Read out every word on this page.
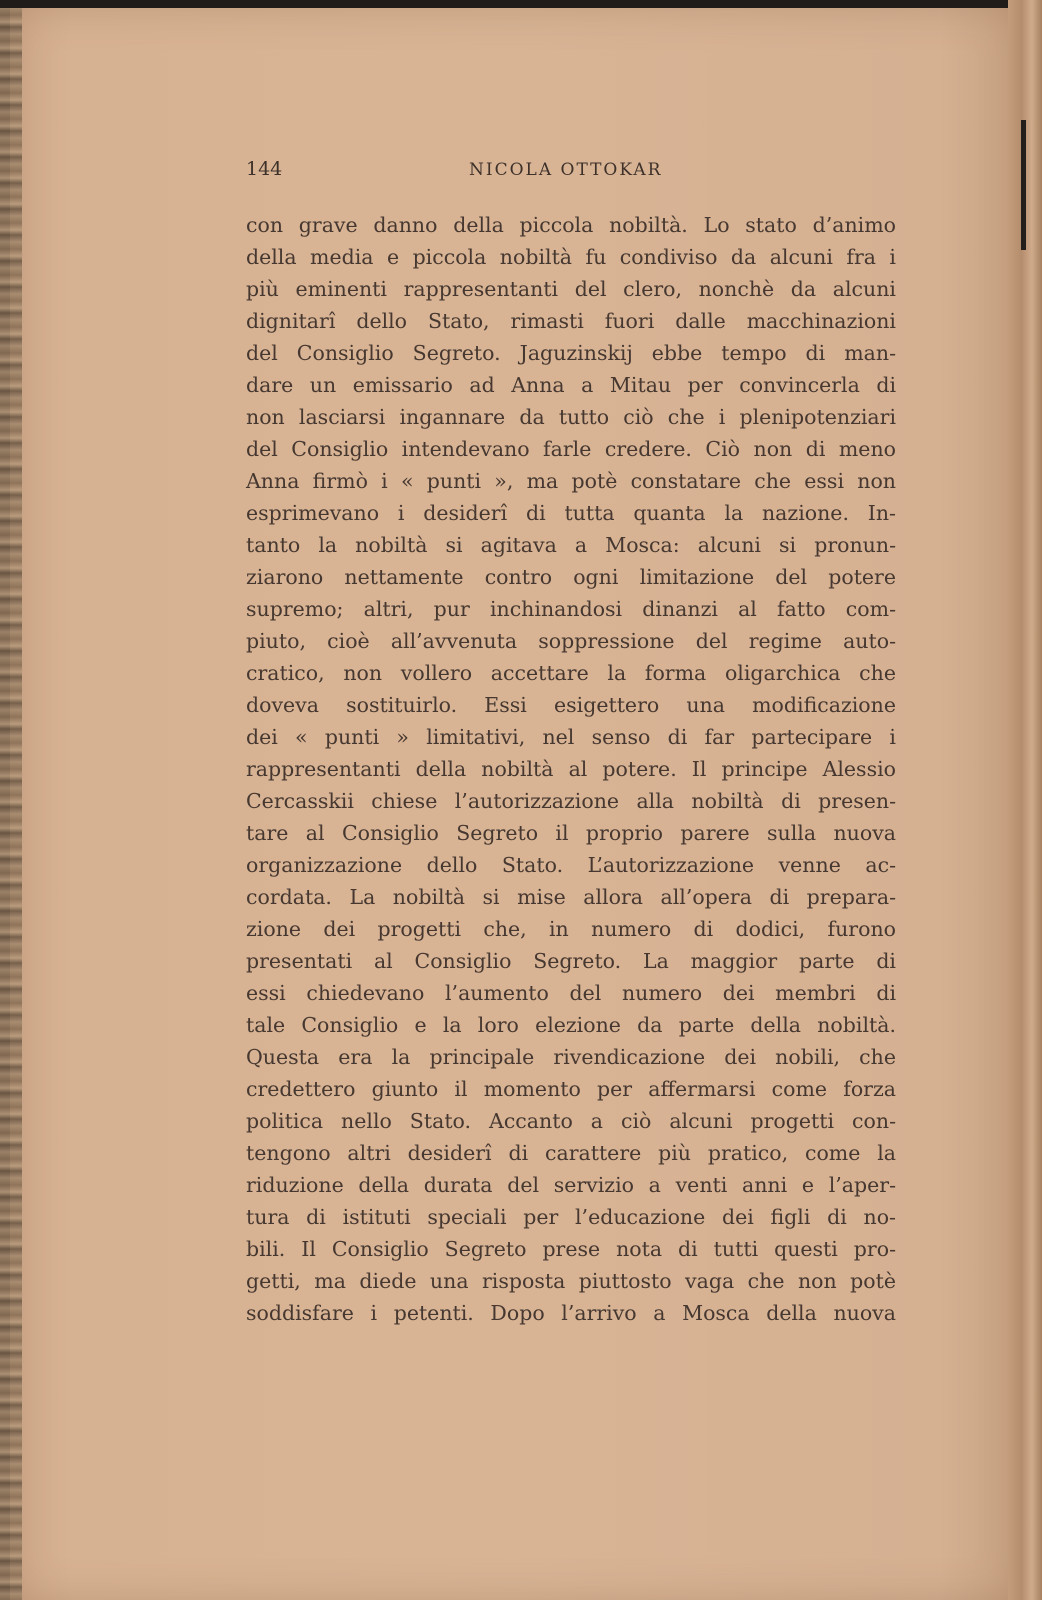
144	NICOLA OTTOKAR
con grave danno della piccola nobiltà. Lo stato d’animo
della media e piccola nobiltà fu condiviso da alcuni fra i
più eminenti rappresentanti del clero, nonchè da alcuni
dignitarî dello Stato, rimasti fuori dalle macchinazioni
del Consiglio Segreto. Jaguzinskij ebbe tempo di man-
dare un emissario ad Anna a Mitau per convincerla di
non lasciarsi ingannare da tutto ciò che i plenipotenziari
del Consiglio intendevano farle credere. Ciò non di meno
Anna firmò i « punti », ma potè constatare che essi non
esprimevano i desiderî di tutta quanta la nazione. In-
tanto la nobiltà si agitava a Mosca: alcuni si pronun-
ziarono nettamente contro ogni limitazione del potere
supremo; altri, pur inchinandosi dinanzi al fatto com-
piuto, cioè all’avvenuta soppressione del regime auto-
cratico, non vollero accettare la forma oligarchica che
doveva sostituirlo. Essi esigettero una modificazione
dei « punti » limitativi, nel senso di far partecipare i
rappresentanti della nobiltà al potere. Il principe Alessio
Cercasskii chiese l’autorizzazione alla nobiltà di presen-
tare al Consiglio Segreto il proprio parere sulla nuova
organizzazione dello Stato. L’autorizzazione venne ac-
cordata. La nobiltà si mise allora all’opera di prepara-
zione dei progetti che, in numero di dodici, furono
presentati al Consiglio Segreto. La maggior parte di
essi chiedevano l’aumento del numero dei membri di
tale Consiglio e la loro elezione da parte della nobiltà.
Questa era la principale rivendicazione dei nobili, che
credettero giunto il momento per affermarsi come forza
politica nello Stato. Accanto a ciò alcuni progetti con-
tengono altri desiderî di carattere più pratico, come la
riduzione della durata del servizio a venti anni e l’aper-
tura di istituti speciali per l’educazione dei figli di no-
bili. Il Consiglio Segreto prese nota di tutti questi pro-
getti, ma diede una risposta piuttosto vaga che non potè
soddisfare i petenti. Dopo l’arrivo a Mosca della nuova
